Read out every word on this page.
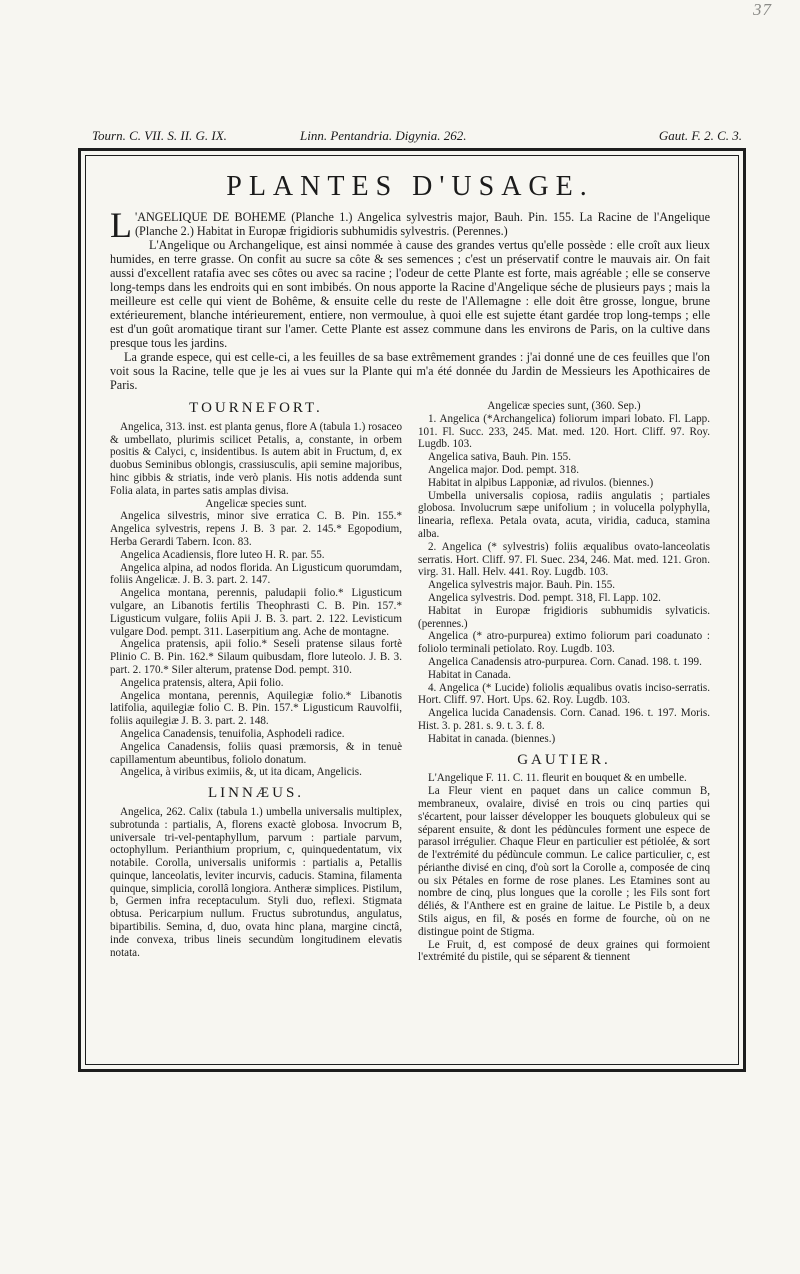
37
Tourn. C. VII. S. II. G. IX.	Linn. Pentandria. Digynia. 262.	Gaut. F. 2. C. 3.
PLANTES D'USAGE.

L 'ANGELIQUE DE BOHEME (Planche 1.) Angelica sylvestris major, Bauh. Pin. 155. La Racine de l'Angelique (Planche 2.) Habitat in Europæ frigidioris subhumidis sylvestris. (Perennes.)

L'Angelique ou Archangelique, est ainsi nommée à cause des grandes vertus qu'elle possède : elle croît aux lieux humides, en terre grasse. On confit au sucre sa côte & ses semences ; c'est un préservatif contre le mauvais air. On fait aussi d'excellent ratafia avec ses côtes ou avec sa racine ; l'odeur de cette Plante est forte, mais agréable ; elle se conserve long-temps dans les endroits qui en sont imbibés. On nous apporte la Racine d'Angelique séche de plusieurs pays ; mais la meilleure est celle qui vient de Bohême, & ensuite celle du reste de l'Allemagne : elle doit être grosse, longue, brune extérieurement, blanche intérieurement, entiere, non vermoulue, à quoi elle est sujette étant gardée trop long-temps ; elle est d'un goût aromatique tirant sur l'amer. Cette Plante est assez commune dans les environs de Paris, on la cultive dans presque tous les jardins.

La grande espece, qui est celle-ci, a les feuilles de sa base extrêmement grandes : j'ai donné une de ces feuilles que l'on voit sous la Racine, telle que je les ai vues sur la Plante qui m'a été donnée du Jardin de Messieurs les Apothicaires de Paris.

TOURNEFORT.

Angelica, 313. inst. est planta genus, flore A (tabula 1.) rosaceo & umbellato, plurimis scilicet Petalis, a, constante, in orbem positis & Calyci, c, insidentibus. Is autem abit in Fructum, d, ex duobus Seminibus oblongis, crassiusculis, apii semine majoribus, hinc gibbis & striatis, inde verò planis. His notis addenda sunt Folia alata, in partes satis amplas divisa.

Angelicæ species sunt.

Angelica silvestris, minor sive erratica C. B. Pin. 155.* Angelica sylvestris, repens J. B. 3 par. 2. 145.* Egopodium, Herba Gerardi Tabern. Icon. 83.

Angelica Acadiensis, flore luteo H. R. par. 55.

Angelica alpina, ad nodos florida. An Ligusticum quorumdam, foliis Angelicæ. J. B. 3. part. 2. 147.

Angelica montana, perennis, paludapii folio.* Ligusticum vulgare, an Libanotis fertilis Theophrasti C. B. Pin. 157.* Ligusticum vulgare, foliis Apii J. B. 3. part. 2. 122. Levisticum vulgare Dod. pempt. 311. Laserpitium ang. Ache de montagne.

Angelica pratensis, apii folio.* Seseli pratense silaus fortè Plinio C. B. Pin. 162.* Silaum quibusdam, flore luteolo. J. B. 3. part. 2. 170.* Siler alterum, pratense Dod. pempt. 310.

Angelica pratensis, altera, Apii folio.

Angelica montana, perennis, Aquilegiæ folio.* Libanotis latifolia, aquilegiæ folio C. B. Pin. 157.* Ligusticum Rauvolfii, foliis aquilegiæ J. B. 3. part. 2. 148.

Angelica Canadensis, tenuifolia, Asphodeli radice.

Angelica Canadensis, foliis quasi præmorsis, & in tenuè capillamentum abeuntibus, foliolo donatum.

Angelica, à viribus eximiis, &, ut ita dicam, Angelicis.

LINNÆUS.

Angelica, 262. Calix (tabula 1.) umbella universalis multiplex, subrotunda : partialis, A, florens exactè globosa. Invocrum B, universale tri-vel-pentaphyllum, parvum : partiale parvum, octophyllum. Perianthium proprium, c, quinquedentatum, vix notabile. Corolla, universalis uniformis : partialis a, Petallis quinque, lanceolatis, leviter incurvis, caducis. Stamina, filamenta quinque, simplicia, corollâ longiora. Antheræ simplices. Pistilum, b, Germen infra receptaculum. Styli duo, reflexi. Stigmata obtusa. Pericarpium nullum. Fructus subrotundus, angulatus, bipartibilis. Semina, d, duo, ovata hinc plana, margine cinctâ, inde convexa, tribus lineis secundùm longitudinem elevatis notata.

Angelicæ species sunt, (360. Sep.)

1. Angelica (*Archangelica) foliorum impari lobato. Fl. Lapp. 101. Fl. Succ. 233, 245. Mat. med. 120. Hort. Cliff. 97. Roy. Lugdb. 103.

Angelica sativa, Bauh. Pin. 155.

Angelica major. Dod. pempt. 318.

Habitat in alpibus Lapponiæ, ad rivulos. (biennes.)

Umbella universalis copiosa, radiis angulatis ; partiales globosa. Involucrum sæpe unifolium ; in volucella polyphylla, linearia, reflexa. Petala ovata, acuta, viridia, caduca, stamina alba.

2. Angelica (* sylvestris) foliis æqualibus ovato-lanceolatis serratis. Hort. Cliff. 97. Fl. Suec. 234, 246. Mat. med. 121. Gron. virg. 31. Hall. Helv. 441. Roy. Lugdb. 103.

Angelica sylvestris major. Bauh. Pin. 155.

Angelica sylvestris. Dod. pempt. 318, Fl. Lapp. 102.

Habitat in Europæ frigidioris subhumidis sylvaticis. (perennes.)

Angelica (* atro-purpurea) extimo foliorum pari coadunato : foliolo terminali petiolato. Roy. Lugdb. 103.

Angelica Canadensis atro-purpurea. Corn. Canad. 198. t. 199.

Habitat in Canada.

4. Angelica (* Lucide) foliolis æqualibus ovatis inciso-serratis. Hort. Cliff. 97. Hort. Ups. 62. Roy. Lugdb. 103.

Angelica lucida Canadensis. Corn. Canad. 196. t. 197. Moris. Hist. 3. p. 281. s. 9. t. 3. f. 8.

Habitat in canada. (biennes.)

GAUTIER.

L'Angelique F. 11. C. 11. fleurit en bouquet & en umbelle.

La Fleur vient en paquet dans un calice commun B, membraneux, ovalaire, divisé en trois ou cinq parties qui s'écartent, pour laisser développer les bouquets globuleux qui se séparent ensuite, & dont les pédùncules forment une espece de parasol irrégulier. Chaque Fleur en particulier est pétiolée, & sort de l'extrémité du pédùncule commun. Le calice particulier, c, est périanthe divisé en cinq, d'où sort la Corolle a, composée de cinq ou six Pétales en forme de rose planes. Les Etamines sont au nombre de cinq, plus longues que la corolle ; les Fils sont fort déliés, & l'Anthere est en graine de laitue. Le Pistile b, a deux Stils aigus, en fil, & posés en forme de fourche, où on ne distingue point de Stigma.

Le Fruit, d, est composé de deux graines qui formoient l'extrémité du pistile, qui se séparent & tiennent
